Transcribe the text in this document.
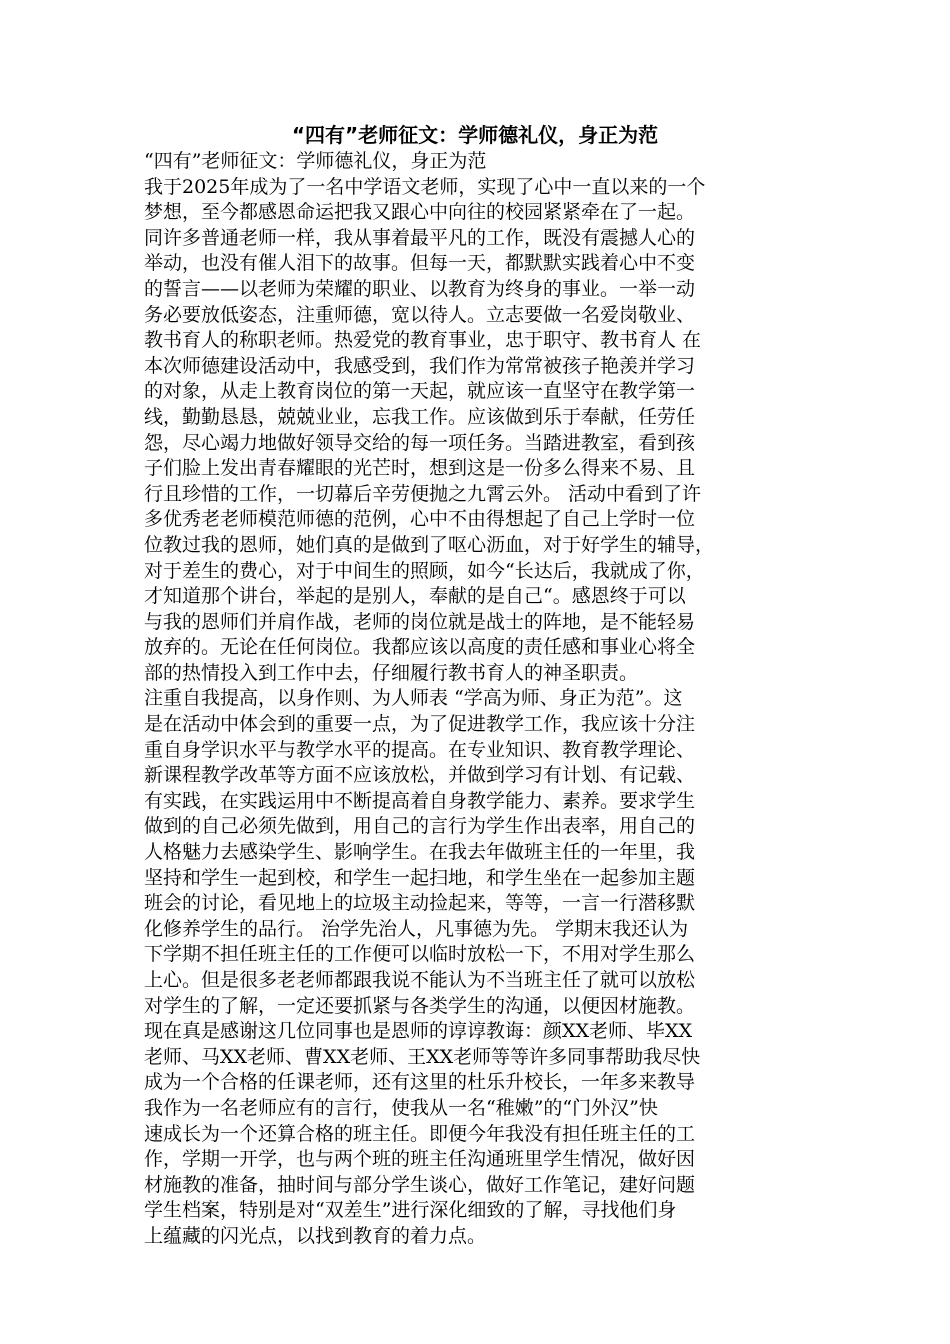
“四有”老师征文：学师德礼仪，身正为范
“四有”老师征文：学师德礼仪，身正为范
我于2025年成为了一名中学语文老师，实现了心中一直以来的一个
梦想，至今都感恩命运把我又跟心中向往的校园紧紧牵在了一起。
同许多普通老师一样，我从事着最平凡的工作，既没有震撼人心的
举动，也没有催人泪下的故事。但每一天，都默默实践着心中不变
的誓言——以老师为荣耀的职业、以教育为终身的事业。一举一动
务必要放低姿态，注重师德，宽以待人。立志要做一名爱岗敬业、
教书育人的称职老师。热爱党的教育事业，忠于职守、教书育人 在
本次师德建设活动中，我感受到，我们作为常常被孩子艳羡并学习
的对象，从走上教育岗位的第一天起，就应该一直坚守在教学第一
线，勤勤恳恳，兢兢业业，忘我工作。应该做到乐于奉献，任劳任
怨，尽心竭力地做好领导交给的每一项任务。当踏进教室，看到孩
子们脸上发出青春耀眼的光芒时，想到这是一份多么得来不易、且
行且珍惜的工作，一切幕后辛劳便抛之九霄云外。 活动中看到了许
多优秀老老师模范师德的范例，心中不由得想起了自己上学时一位
位教过我的恩师，她们真的是做到了呕心沥血，对于好学生的辅导，
对于差生的费心，对于中间生的照顾，如今“长达后，我就成了你，
才知道那个讲台，举起的是别人，奉献的是自己“。感恩终于可以
与我的恩师们并肩作战，老师的岗位就是战士的阵地，是不能轻易
放弃的。无论在任何岗位。我都应该以高度的责任感和事业心将全
部的热情投入到工作中去，仔细履行教书育人的神圣职责。
注重自我提高，以身作则、为人师表 “学高为师、身正为范”。这
是在活动中体会到的重要一点，为了促进教学工作，我应该十分注
重自身学识水平与教学水平的提高。在专业知识、教育教学理论、
新课程教学改革等方面不应该放松，并做到学习有计划、有记载、
有实践，在实践运用中不断提高着自身教学能力、素养。要求学生
做到的自己必须先做到，用自己的言行为学生作出表率，用自己的
人格魅力去感染学生、影响学生。在我去年做班主任的一年里，我
坚持和学生一起到校，和学生一起扫地，和学生坐在一起参加主题
班会的讨论，看见地上的垃圾主动捡起来，等等，一言一行潜移默
化修养学生的品行。 治学先治人，凡事德为先。 学期末我还认为
下学期不担任班主任的工作便可以临时放松一下，不用对学生那么
上心。但是很多老老师都跟我说不能认为不当班主任了就可以放松
对学生的了解，一定还要抓紧与各类学生的沟通，以便因材施教。
现在真是感谢这几位同事也是恩师的谆谆教诲：颜XX老师、毕XX
老师、马XX老师、曹XX老师、王XX老师等等许多同事帮助我尽快
成为一个合格的任课老师，还有这里的杜乐升校长，一年多来教导
我作为一名老师应有的言行，使我从一名“稚嫩”的“门外汉”快
速成长为一个还算合格的班主任。即便今年我没有担任班主任的工
作，学期一开学，也与两个班的班主任沟通班里学生情况，做好因
材施教的准备，抽时间与部分学生谈心，做好工作笔记，建好问题
学生档案，特别是对“双差生”进行深化细致的了解，寻找他们身
上蕴藏的闪光点，以找到教育的着力点。
